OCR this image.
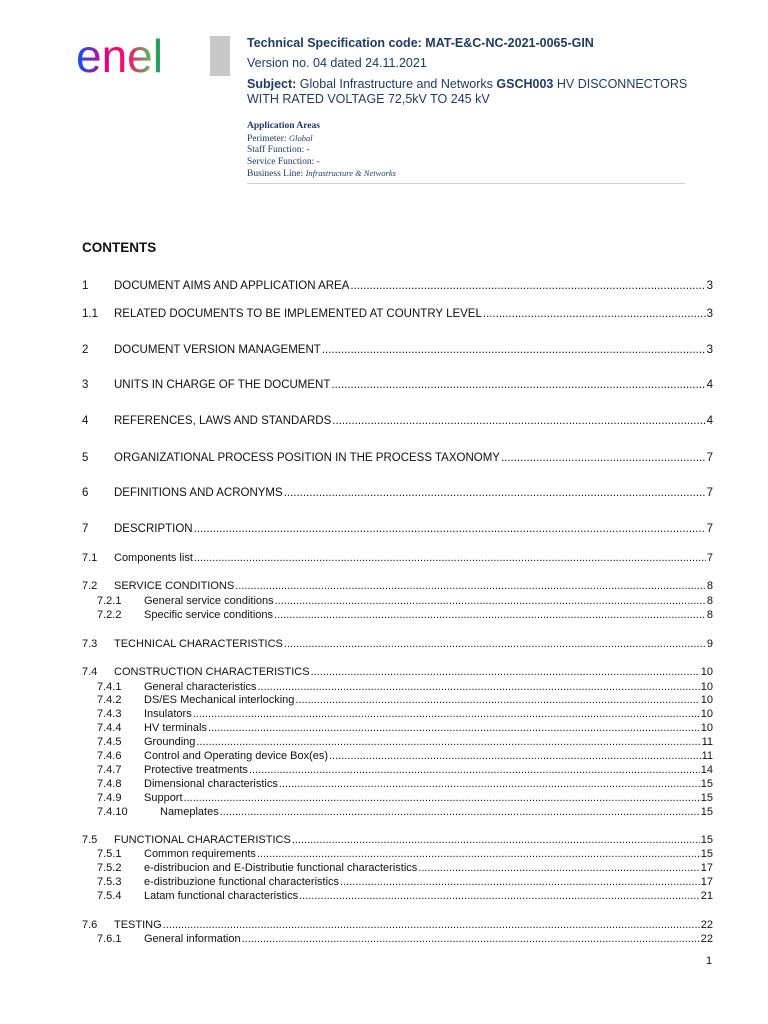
enel	Technical Specification code: MAT-E&C-NC-2021-0065-GIN
Version no. 04 dated 24.11.2021
Subject: Global Infrastructure and Networks GSCH003 HV DISCONNECTORS WITH RATED VOLTAGE 72,5kV TO 245 kV
Application Areas
Perimeter: Global
Staff Function: -
Service Function: -
Business Line: Infrastructure & Networks
CONTENTS
1	DOCUMENT AIMS AND APPLICATION AREA .....	3
1.1	RELATED DOCUMENTS TO BE IMPLEMENTED AT COUNTRY LEVEL .....	3
2	DOCUMENT VERSION MANAGEMENT .....	3
3	UNITS IN CHARGE OF THE DOCUMENT .....	4
4	REFERENCES, LAWS AND STANDARDS .....	4
5	ORGANIZATIONAL PROCESS POSITION IN THE PROCESS TAXONOMY .....	7
6	DEFINITIONS AND ACRONYMS .....	7
7	DESCRIPTION .....	7
7.1	Components list .....	7
7.2	SERVICE CONDITIONS .....	8
7.2.1	General service conditions .....	8
7.2.2	Specific service conditions .....	8
7.3	TECHNICAL CHARACTERISTICS .....	9
7.4	CONSTRUCTION CHARACTERISTICS .....	10
7.4.1	General characteristics .....	10
7.4.2	DS/ES Mechanical interlocking .....	10
7.4.3	Insulators .....	10
7.4.4	HV terminals .....	10
7.4.5	Grounding .....	11
7.4.6	Control and Operating device Box(es) .....	11
7.4.7	Protective treatments .....	14
7.4.8	Dimensional characteristics .....	15
7.4.9	Support .....	15
7.4.10	Nameplates .....	15
7.5	FUNCTIONAL CHARACTERISTICS .....	15
7.5.1	Common requirements .....	15
7.5.2	e-distribucion and E-Distributie functional characteristics .....	17
7.5.3	e-distribuzione functional characteristics .....	17
7.5.4	Latam functional characteristics .....	21
7.6	TESTING .....	22
7.6.1	General information .....	22
1
